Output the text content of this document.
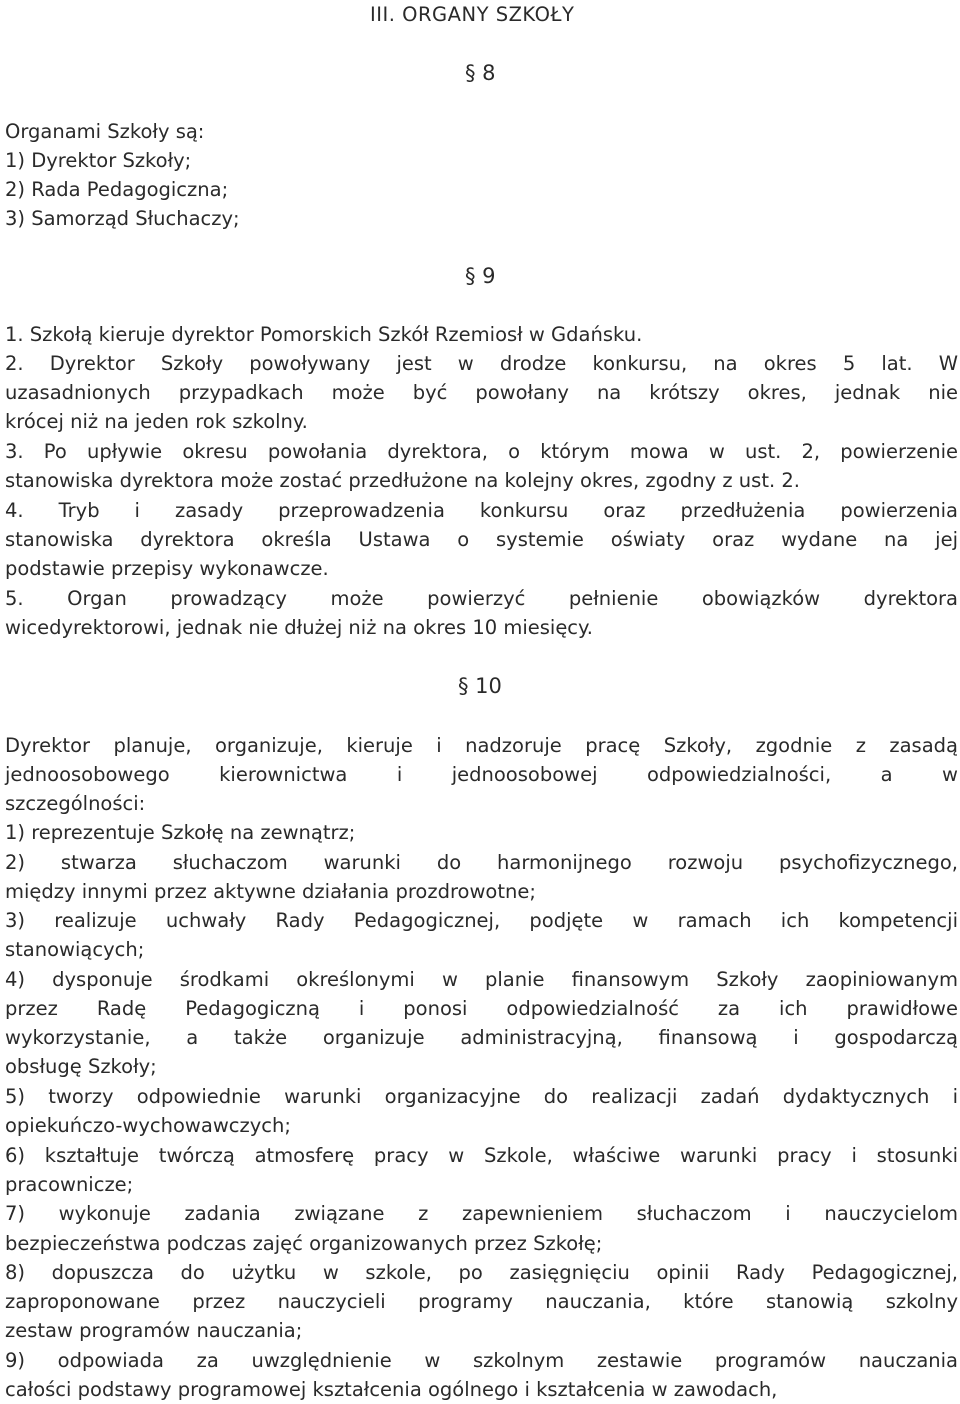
III. ORGANY SZKOŁY
§ 8
Organami Szkoły są:
1) Dyrektor Szkoły;
2) Rada Pedagogiczna;
3) Samorząd Słuchaczy;
§ 9
1. Szkołą kieruje dyrektor Pomorskich Szkół Rzemiosł w Gdańsku.
2. Dyrektor Szkoły powoływany jest w drodze konkursu, na okres 5 lat. W
uzasadnionych przypadkach może być powołany na krótszy okres, jednak nie
krócej niż na jeden rok szkolny.
3. Po upływie okresu powołania dyrektora, o którym mowa w ust. 2, powierzenie
stanowiska dyrektora może zostać przedłużone na kolejny okres, zgodny z ust. 2.
4. Tryb i zasady przeprowadzenia konkursu oraz przedłużenia powierzenia
stanowiska dyrektora określa Ustawa o systemie oświaty oraz wydane na jej
podstawie przepisy wykonawcze.
5. Organ prowadzący może powierzyć pełnienie obowiązków dyrektora
wicedyrektorowi, jednak nie dłużej niż na okres 10 miesięcy.
§ 10
Dyrektor planuje, organizuje, kieruje i nadzoruje pracę Szkoły, zgodnie z zasadą
jednoosobowego kierownictwa i jednoosobowej odpowiedzialności, a w
szczególności:
1) reprezentuje Szkołę na zewnątrz;
2) stwarza słuchaczom warunki do harmonijnego rozwoju psychofizycznego,
między innymi przez aktywne działania prozdrowotne;
3) realizuje uchwały Rady Pedagogicznej, podjęte w ramach ich kompetencji
stanowiących;
4) dysponuje środkami określonymi w planie finansowym Szkoły zaopiniowanym
przez Radę Pedagogiczną i ponosi odpowiedzialność za ich prawidłowe
wykorzystanie, a także organizuje administracyjną, finansową i gospodarczą
obsługę Szkoły;
5) tworzy odpowiednie warunki organizacyjne do realizacji zadań dydaktycznych i
opiekuńczo-wychowawczych;
6) kształtuje twórczą atmosferę pracy w Szkole, właściwe warunki pracy i stosunki
pracownicze;
7) wykonuje zadania związane z zapewnieniem słuchaczom i nauczycielom
bezpieczeństwa podczas zajęć organizowanych przez Szkołę;
8) dopuszcza do użytku w szkole, po zasięgnięciu opinii Rady Pedagogicznej,
zaproponowane przez nauczycieli programy nauczania, które stanowią szkolny
zestaw programów nauczania;
9) odpowiada za uwzględnienie w szkolnym zestawie programów nauczania
całości podstawy programowej kształcenia ogólnego i kształcenia w zawodach,
